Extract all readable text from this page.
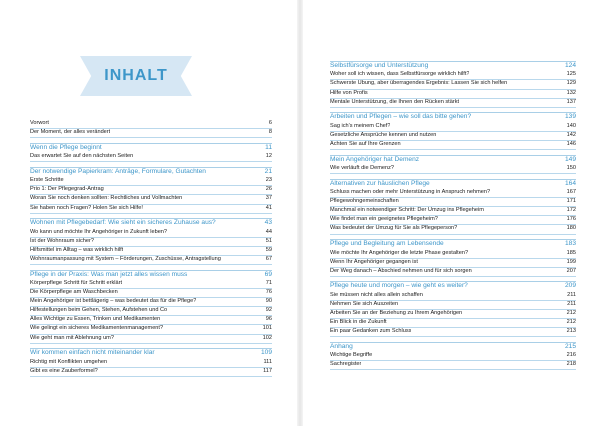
INHALT
Vorwort	6
Der Moment, der alles verändert	8
Wenn die Pflege beginnt	11
Das erwartet Sie auf den nächsten Seiten	12
Der notwendige Papierkram: Anträge, Formulare, Gutachten	21
Erste Schritte	23
Prio 1: Der Pflegegrad-Antrag	26
Woran Sie noch denken sollten: Rechtliches und Vollmachten	37
Sie haben noch Fragen? Holen Sie sich Hilfe!	41
Wohnen mit Pflegebedarf: Wie sieht ein sicheres Zuhause aus?	43
Wo kann und möchte Ihr Angehöriger in Zukunft leben?	44
Ist der Wohnraum sicher?	51
Hilfsmittel im Alltag – was wirklich hilft	59
Wohnraumanpassung mit System – Förderungen, Zuschüsse, Antragstellung	67
Pflege in der Praxis: Was man jetzt alles wissen muss	69
Körperpflege Schritt für Schritt erklärt	71
Die Körperpflege am Waschbecken	76
Mein Angehöriger ist bettlägerig – was bedeutet das für die Pflege?	90
Hilfestellungen beim Gehen, Stehen, Aufstehen und Co	92
Alles Wichtige zu Essen, Trinken und Medikamenten	96
Wie gelingt ein sicheres Medikamentenmanagement?	101
Wie geht man mit Ablehnung um?	102
Wir kommen einfach nicht miteinander klar	109
Richtig mit Konflikten umgehen	111
Gibt es eine Zauberformel?	117
Selbstfürsorge und Unterstützung	124
Woher soll ich wissen, dass Selbstfürsorge wirklich hilft?	125
Schwerste Übung, aber überragendes Ergebnis: Lassen Sie sich helfen	129
Hilfe von Profis	132
Mentale Unterstützung, die Ihnen den Rücken stärkt	137
Arbeiten und Pflegen – wie soll das bitte gehen?	139
Sag ich's meinem Chef?	140
Gesetzliche Ansprüche kennen und nutzen	142
Achten Sie auf Ihre Grenzen	146
Mein Angehöriger hat Demenz	149
Wie verläuft die Demenz?	150
Alternativen zur häuslichen Pflege	164
Schluss machen oder mehr Unterstützung in Anspruch nehmen?	167
Pflegewohngemeinschaften	171
Manchmal ein notwendiger Schritt: Der Umzug ins Pflegeheim	172
Wie findet man ein geeignetes Pflegeheim?	176
Was bedeutet der Umzug für Sie als Pflegeperson?	180
Pflege und Begleitung am Lebensende	183
Wie möchte Ihr Angehöriger die letzte Phase gestalten?	185
Wenn Ihr Angehöriger gegangen ist	199
Der Weg danach – Abschied nehmen und für sich sorgen	207
Pflege heute und morgen – wie geht es weiter?	209
Sie müssen nicht alles allein schaffen	211
Nehmen Sie sich Auszeiten	211
Arbeiten Sie an der Beziehung zu Ihrem Angehörigen	212
Ein Blick in die Zukunft	212
Ein paar Gedanken zum Schluss	213
Anhang	215
Wichtige Begriffe	216
Sachregister	218
